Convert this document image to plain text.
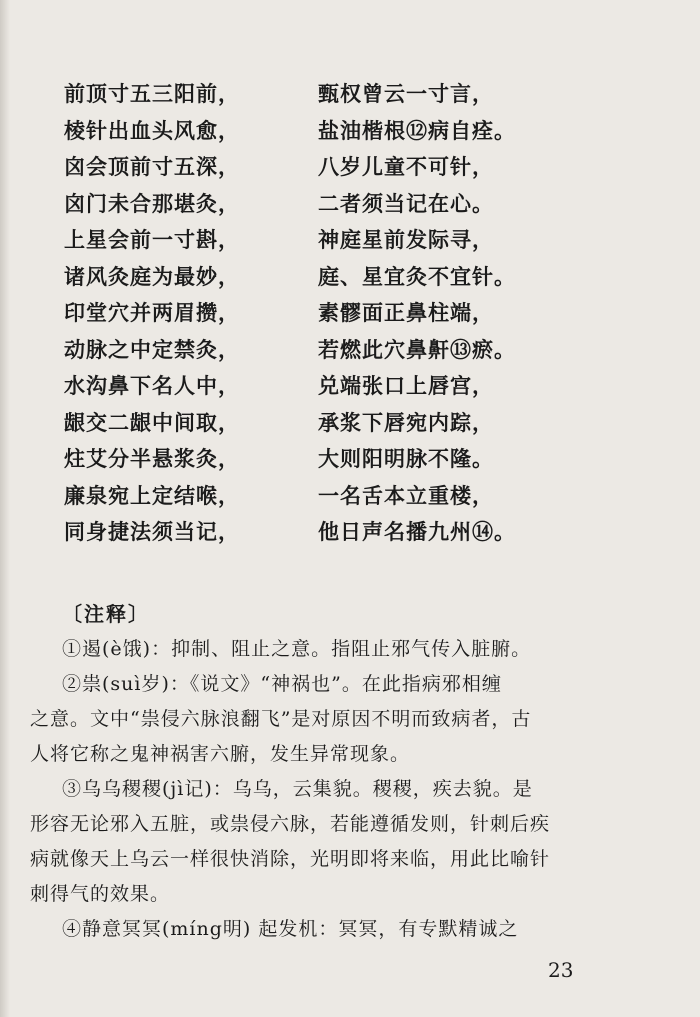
前顶寸五三阳前，	甄权曾云一寸言，
棱针出血头风愈，	盐油楷根⑫病自痊。
囟会顶前寸五深，	八岁儿童不可针，
囟门未合那堪灸，	二者须当记在心。
上星会前一寸斟，	神庭星前发际寻，
诸风灸庭为最妙，	庭、星宜灸不宜针。
印堂穴并两眉攒，	素髎面正鼻柱端，
动脉之中定禁灸，	若燃此穴鼻鼾⑬瘀。
水沟鼻下名人中，	兑端张口上唇宫，
龈交二龈中间取，	承浆下唇宛内踪，
炷艾分半悬浆灸，	大则阳明脉不隆。
廉泉宛上定结喉，	一名舌本立重楼，
同身捷法须当记，	他日声名播九州⑭。
〔注释〕
①遏(è饿)：抑制、阻止之意。指阻止邪气传入脏腑。
②祟(suì岁)：《说文》“神祸也”。在此指病邪相缠
之意。文中“祟侵六脉浪翻飞”是对原因不明而致病者，古
人将它称之鬼神祸害六腑，发生异常现象。
③乌乌稷稷(jì记)：乌乌，云集貌。稷稷，疾去貌。是
形容无论邪入五脏，或祟侵六脉，若能遵循发则，针刺后疾
病就像天上乌云一样很快消除，光明即将来临，用此比喻针
刺得气的效果。
④静意冥冥(míng明) 起发机：冥冥，有专默精诚之
23
